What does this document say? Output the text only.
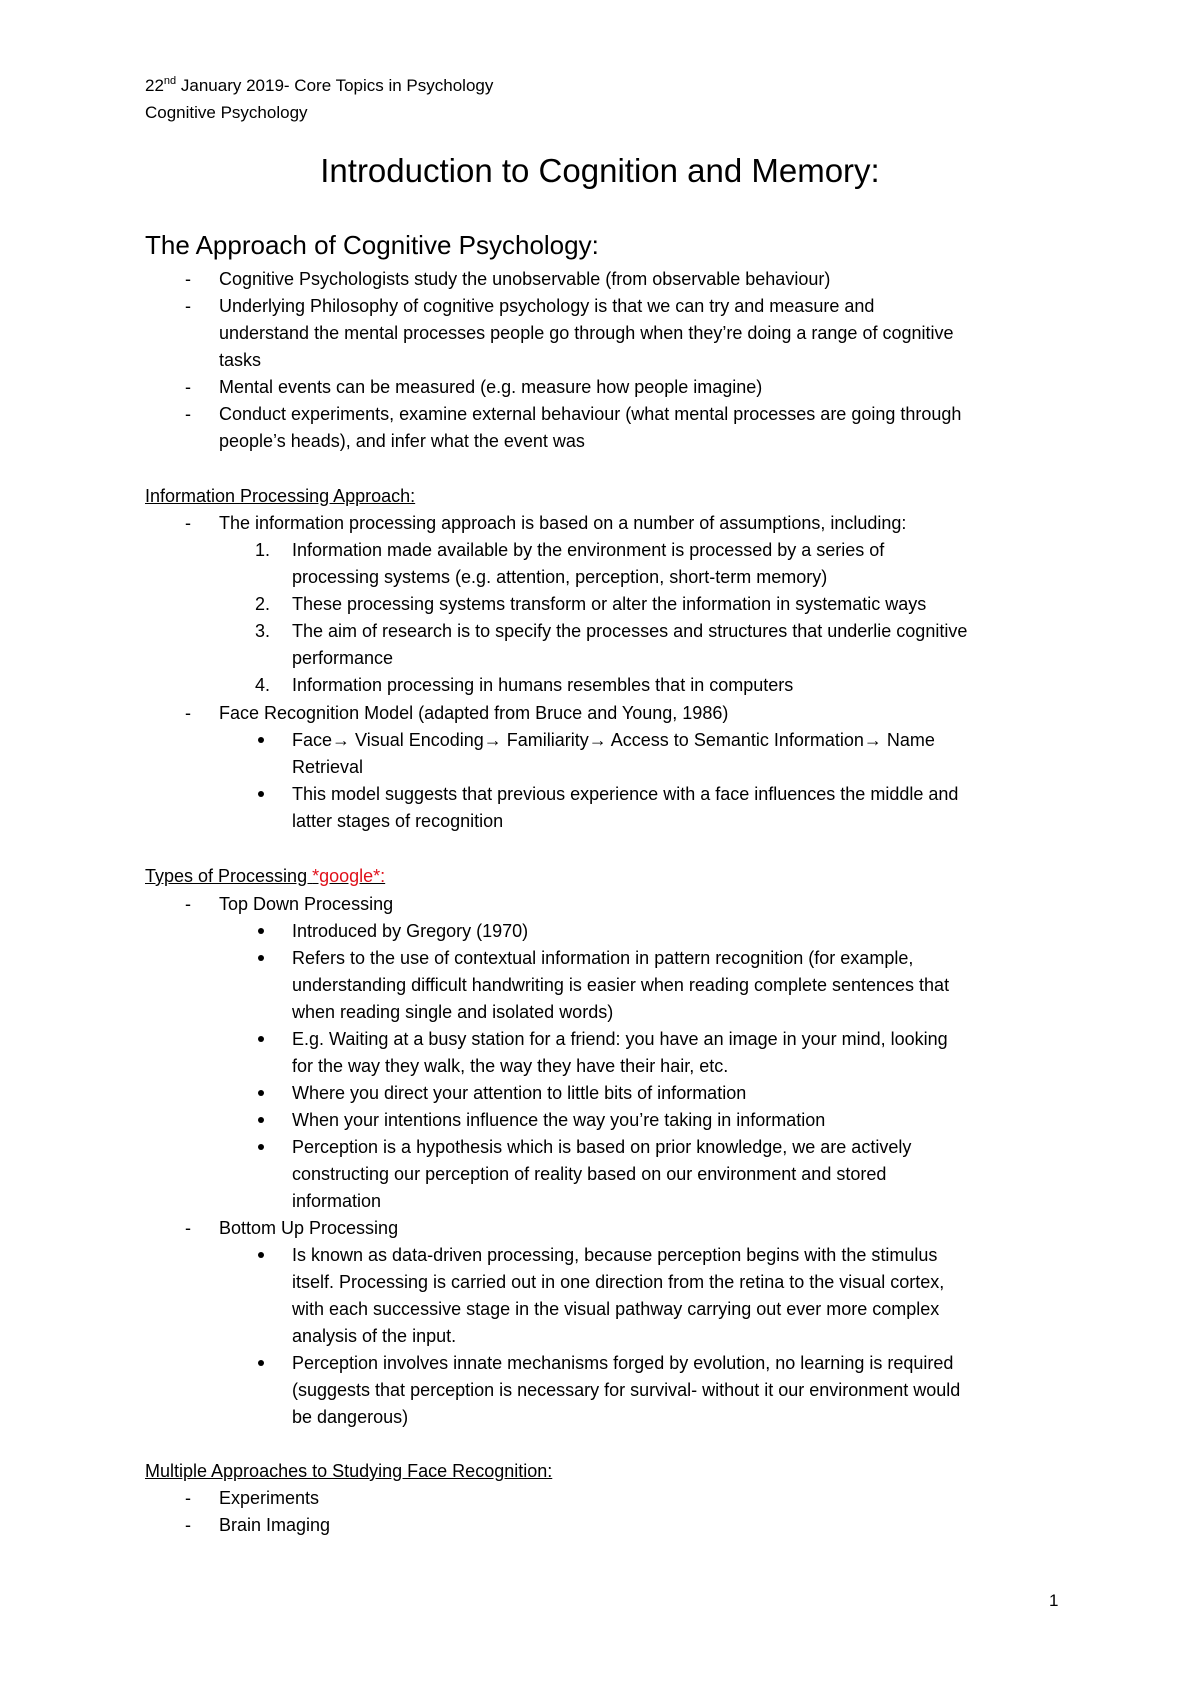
22nd January 2019- Core Topics in Psychology
Cognitive Psychology
Introduction to Cognition and Memory:
The Approach of Cognitive Psychology:
- Cognitive Psychologists study the unobservable (from observable behaviour)
- Underlying Philosophy of cognitive psychology is that we can try and measure and
understand the mental processes people go through when they’re doing a range of cognitive
tasks
- Mental events can be measured (e.g. measure how people imagine)
- Conduct experiments, examine external behaviour (what mental processes are going through
people’s heads), and infer what the event was
Information Processing Approach:
- The information processing approach is based on a number of assumptions, including:
1. Information made available by the environment is processed by a series of
processing systems (e.g. attention, perception, short-term memory)
2. These processing systems transform or alter the information in systematic ways
3. The aim of research is to specify the processes and structures that underlie cognitive
performance
4. Information processing in humans resembles that in computers
- Face Recognition Model (adapted from Bruce and Young, 1986)
Face→ Visual Encoding→ Familiarity→ Access to Semantic Information→ Name
Retrieval
This model suggests that previous experience with a face influences the middle and
latter stages of recognition
Types of Processing *google*:
- Top Down Processing
Introduced by Gregory (1970)
Refers to the use of contextual information in pattern recognition (for example,
understanding difficult handwriting is easier when reading complete sentences that
when reading single and isolated words)
E.g. Waiting at a busy station for a friend: you have an image in your mind, looking
for the way they walk, the way they have their hair, etc.
Where you direct your attention to little bits of information
When your intentions influence the way you’re taking in information
Perception is a hypothesis which is based on prior knowledge, we are actively
constructing our perception of reality based on our environment and stored
information
- Bottom Up Processing
Is known as data-driven processing, because perception begins with the stimulus
itself. Processing is carried out in one direction from the retina to the visual cortex,
with each successive stage in the visual pathway carrying out ever more complex
analysis of the input.
Perception involves innate mechanisms forged by evolution, no learning is required
(suggests that perception is necessary for survival- without it our environment would
be dangerous)
Multiple Approaches to Studying Face Recognition:
- Experiments
- Brain Imaging
1
